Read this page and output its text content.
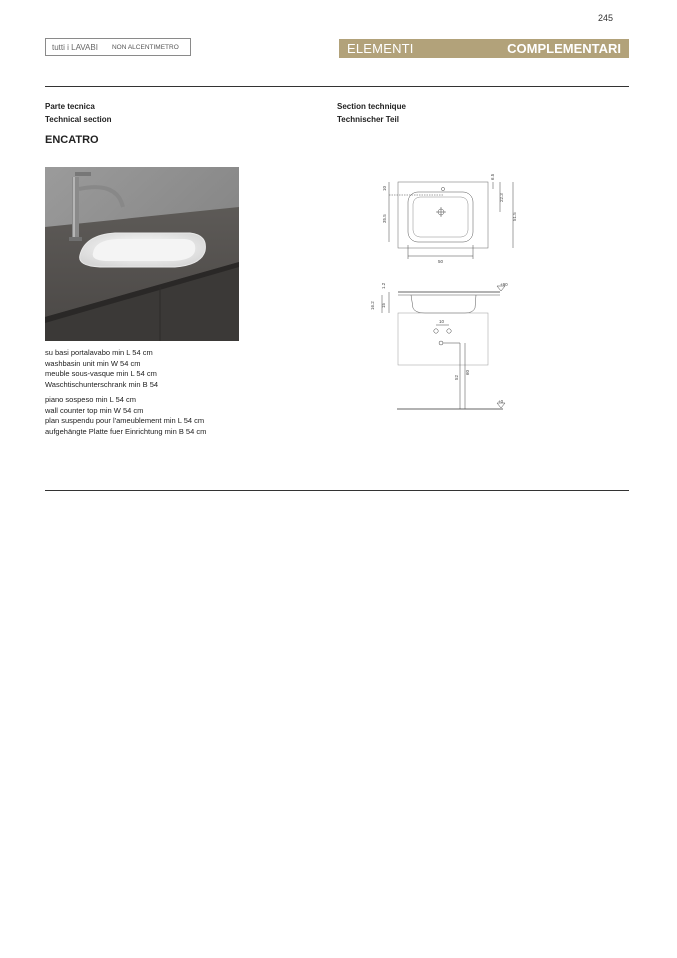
245
tutti i LAVABI NON ALCENTIMETRO	ELEMENTI	COMPLEMENTARI
Parte tecnica
Technical section
Section technique
Technischer Teil
ENCATRO
su basi portalavabo min L 54 cm
washbasin unit min W 54 cm
meuble sous-vasque min L 54 cm
Waschtischunterschrank min B 54
piano sospeso min L 54 cm
wall counter top min W 54 cm
plan suspendu pour l'ameublement min L 54 cm
aufgehängte Platte fuer Einrichtung min B 54 cm
10
6.5
22.3
35.5	51.5
50
1.2
16.2 15
10
52
60
+90
+0
